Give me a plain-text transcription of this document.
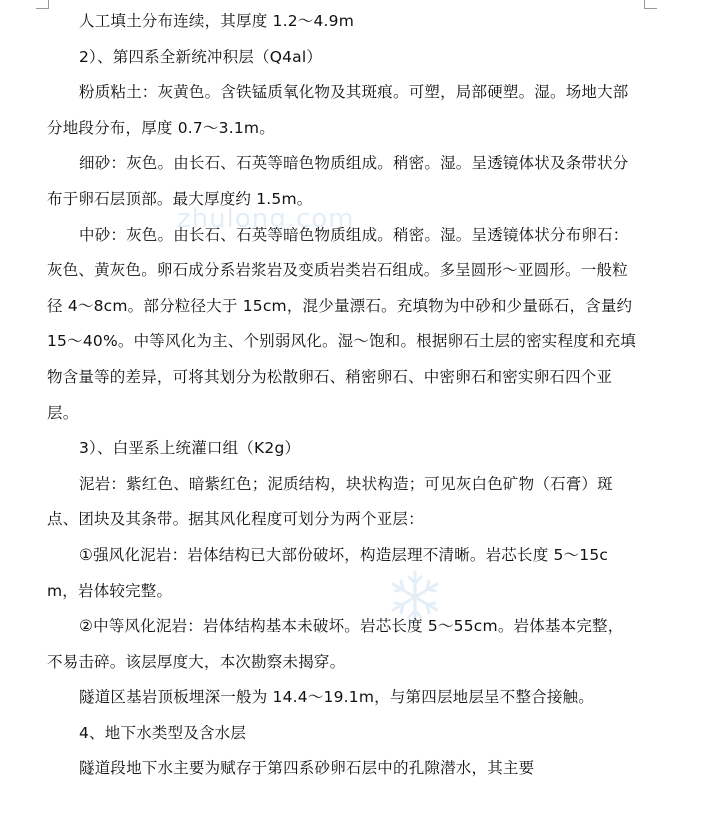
zhulong.com

人工填土分布连续，其厚度 1.2～4.9m

2）、第四系全新统冲积层（Q4al）

粉质粘土：灰黄色。含铁锰质氧化物及其斑痕。可塑，局部硬塑。湿。场地大部分地段分布，厚度 0.7～3.1m。

细砂：灰色。由长石、石英等暗色物质组成。稍密。湿。呈透镜体状及条带状分布于卵石层顶部。最大厚度约 1.5m。

中砂：灰色。由长石、石英等暗色物质组成。稍密。湿。呈透镜体状分布卵石：灰色、黄灰色。卵石成分系岩浆岩及变质岩类岩石组成。多呈圆形～亚圆形。一般粒径 4～8cm。部分粒径大于 15cm，混少量漂石。充填物为中砂和少量砾石，含量约 15～40%。中等风化为主、个别弱风化。湿～饱和。根据卵石土层的密实程度和充填物含量等的差异，可将其划分为松散卵石、稍密卵石、中密卵石和密实卵石四个亚层。

3）、白垩系上统灌口组（K2g）

泥岩：紫红色、暗紫红色；泥质结构，块状构造；可见灰白色矿物（石膏）斑点、团块及其条带。据其风化程度可划分为两个亚层：

①强风化泥岩：岩体结构已大部份破坏，构造层理不清晰。岩芯长度 5～15cm，岩体较完整。

②中等风化泥岩：岩体结构基本未破坏。岩芯长度 5～55cm。岩体基本完整，不易击碎。该层厚度大，本次勘察未揭穿。

隧道区基岩顶板埋深一般为 14.4～19.1m，与第四层地层呈不整合接触。

4、地下水类型及含水层

隧道段地下水主要为赋存于第四系砂卵石层中的孔隙潜水，其主要
